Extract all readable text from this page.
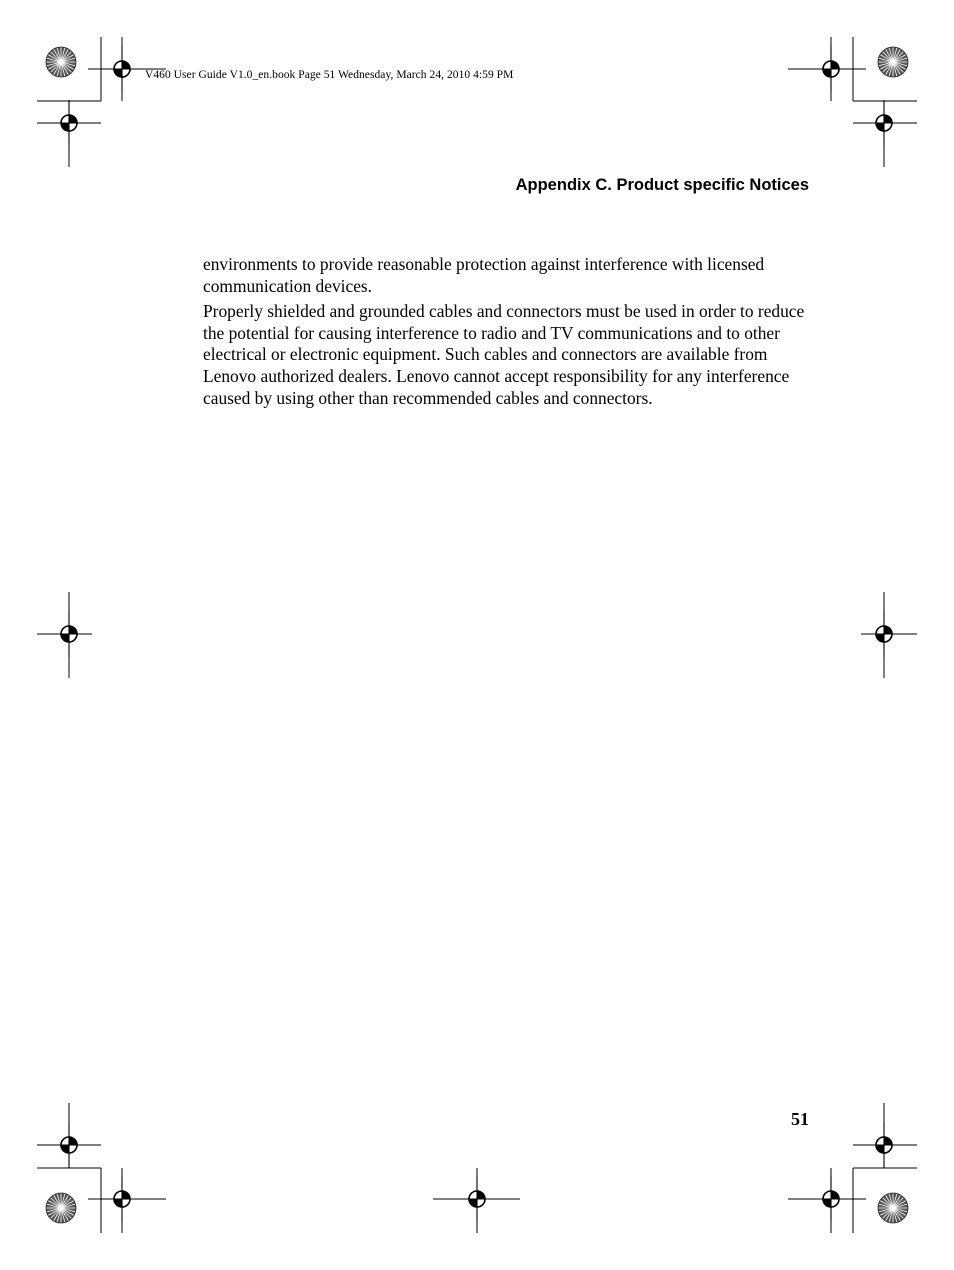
V460 User Guide V1.0_en.book Page 51 Wednesday, March 24, 2010 4:59 PM
Appendix C. Product specific Notices

environments to provide reasonable protection against interference with licensed communication devices.

Properly shielded and grounded cables and connectors must be used in order to reduce the potential for causing interference to radio and TV communications and to other electrical or electronic equipment. Such cables and connectors are available from Lenovo authorized dealers. Lenovo cannot accept responsibility for any interference caused by using other than recommended cables and connectors.

51
